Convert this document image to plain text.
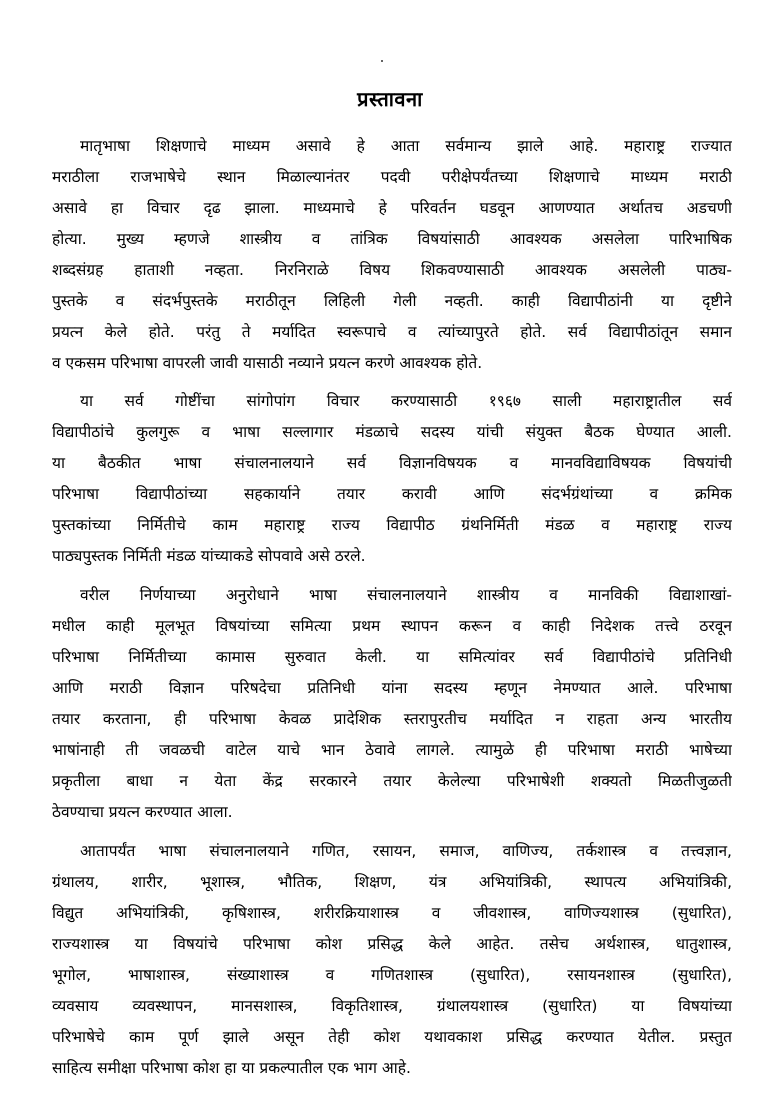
प्रस्तावना
मातृभाषा शिक्षणाचे माध्यम असावे हे आता सर्वमान्य झाले आहे. महाराष्ट्र राज्यात
मराठीला राजभाषेचे स्थान मिळाल्यानंतर पदवी परीक्षेपर्यंतच्या शिक्षणाचे माध्यम मराठी
असावे हा विचार दृढ झाला. माध्यमाचे हे परिवर्तन घडवून आणण्यात अर्थातच अडचणी
होत्या. मुख्य म्हणजे शास्त्रीय व तांत्रिक विषयांसाठी आवश्यक असलेला पारिभाषिक
शब्दसंग्रह हाताशी नव्हता. निरनिराळे विषय शिकवण्यासाठी आवश्यक असलेली पाठ्य-
पुस्तके व संदर्भपुस्तके मराठीतून लिहिली गेली नव्हती. काही विद्यापीठांनी या दृष्टीने
प्रयत्न केले होते. परंतु ते मर्यादित स्वरूपाचे व त्यांच्यापुरते होते. सर्व विद्यापीठांतून समान
व एकसम परिभाषा वापरली जावी यासाठी नव्याने प्रयत्न करणे आवश्यक होते.
या सर्व गोष्टींचा सांगोपांग विचार करण्यासाठी १९६७ साली महाराष्ट्रातील सर्व
विद्यापीठांचे कुलगुरू व भाषा सल्लागार मंडळाचे सदस्य यांची संयुक्त बैठक घेण्यात आली.
या बैठकीत भाषा संचालनालयाने सर्व विज्ञानविषयक व मानवविद्याविषयक विषयांची
परिभाषा विद्यापीठांच्या सहकार्याने तयार करावी आणि संदर्भग्रंथांच्या व क्रमिक
पुस्तकांच्या निर्मितीचे काम महाराष्ट्र राज्य विद्यापीठ ग्रंथनिर्मिती मंडळ व महाराष्ट्र राज्य
पाठ्यपुस्तक निर्मिती मंडळ यांच्याकडे सोपवावे असे ठरले.
वरील निर्णयाच्या अनुरोधाने भाषा संचालनालयाने शास्त्रीय व मानविकी विद्याशाखां-
मधील काही मूलभूत विषयांच्या समित्या प्रथम स्थापन करून व काही निदेशक तत्त्वे ठरवून
परिभाषा निर्मितीच्या कामास सुरुवात केली. या समित्यांवर सर्व विद्यापीठांचे प्रतिनिधी
आणि मराठी विज्ञान परिषदेचा प्रतिनिधी यांना सदस्य म्हणून नेमण्यात आले. परिभाषा
तयार करताना, ही परिभाषा केवळ प्रादेशिक स्तरापुरतीच मर्यादित न राहता अन्य भारतीय
भाषांनाही ती जवळची वाटेल याचे भान ठेवावे लागले. त्यामुळे ही परिभाषा मराठी भाषेच्या
प्रकृतीला बाधा न येता केंद्र सरकारने तयार केलेल्या परिभाषेशी शक्यतो मिळतीजुळती
ठेवण्याचा प्रयत्न करण्यात आला.
आतापर्यंत भाषा संचालनालयाने गणित, रसायन, समाज, वाणिज्य, तर्कशास्त्र व तत्त्वज्ञान,
ग्रंथालय, शारीर, भूशास्त्र, भौतिक, शिक्षण, यंत्र अभियांत्रिकी, स्थापत्य अभियांत्रिकी,
विद्युत अभियांत्रिकी, कृषिशास्त्र, शरीरक्रियाशास्त्र व जीवशास्त्र, वाणिज्यशास्त्र (सुधारित),
राज्यशास्त्र या विषयांचे परिभाषा कोश प्रसिद्ध केले आहेत. तसेच अर्थशास्त्र, धातुशास्त्र,
भूगोल, भाषाशास्त्र, संख्याशास्त्र व गणितशास्त्र (सुधारित), रसायनशास्त्र (सुधारित),
व्यवसाय व्यवस्थापन, मानसशास्त्र, विकृतिशास्त्र, ग्रंथालयशास्त्र (सुधारित) या विषयांच्या
परिभाषेचे काम पूर्ण झाले असून तेही कोश यथावकाश प्रसिद्ध करण्यात येतील. प्रस्तुत
साहित्य समीक्षा परिभाषा कोश हा या प्रकल्पातील एक भाग आहे.
